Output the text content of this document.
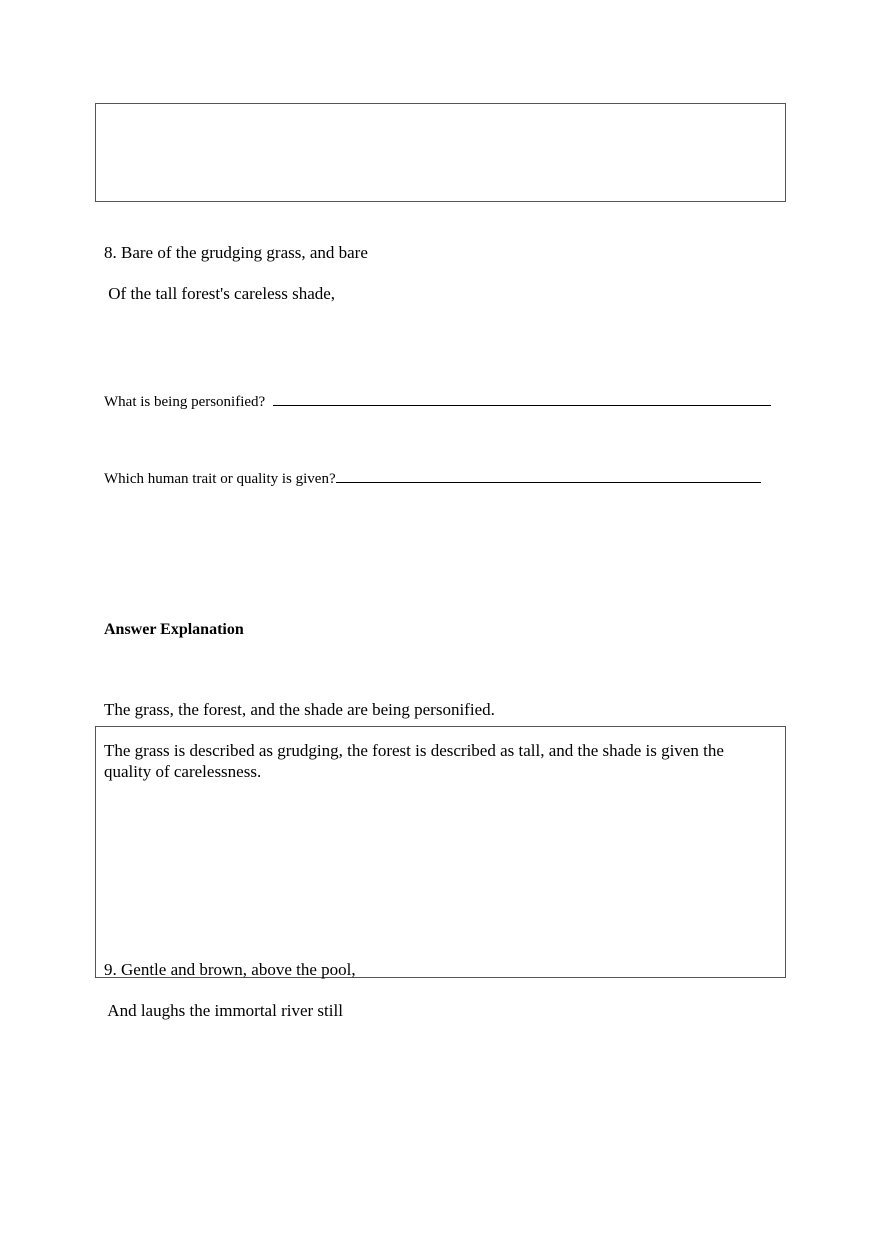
8. Bare of the grudging grass, and bare
Of the tall forest's careless shade,
What is being personified?
Which human trait or quality is given?
Answer Explanation
The grass, the forest, and the shade are being personified.
The grass is described as grudging, the forest is described as tall, and the shade is given the quality of carelessness.
9. Gentle and brown, above the pool,
And laughs the immortal river still
